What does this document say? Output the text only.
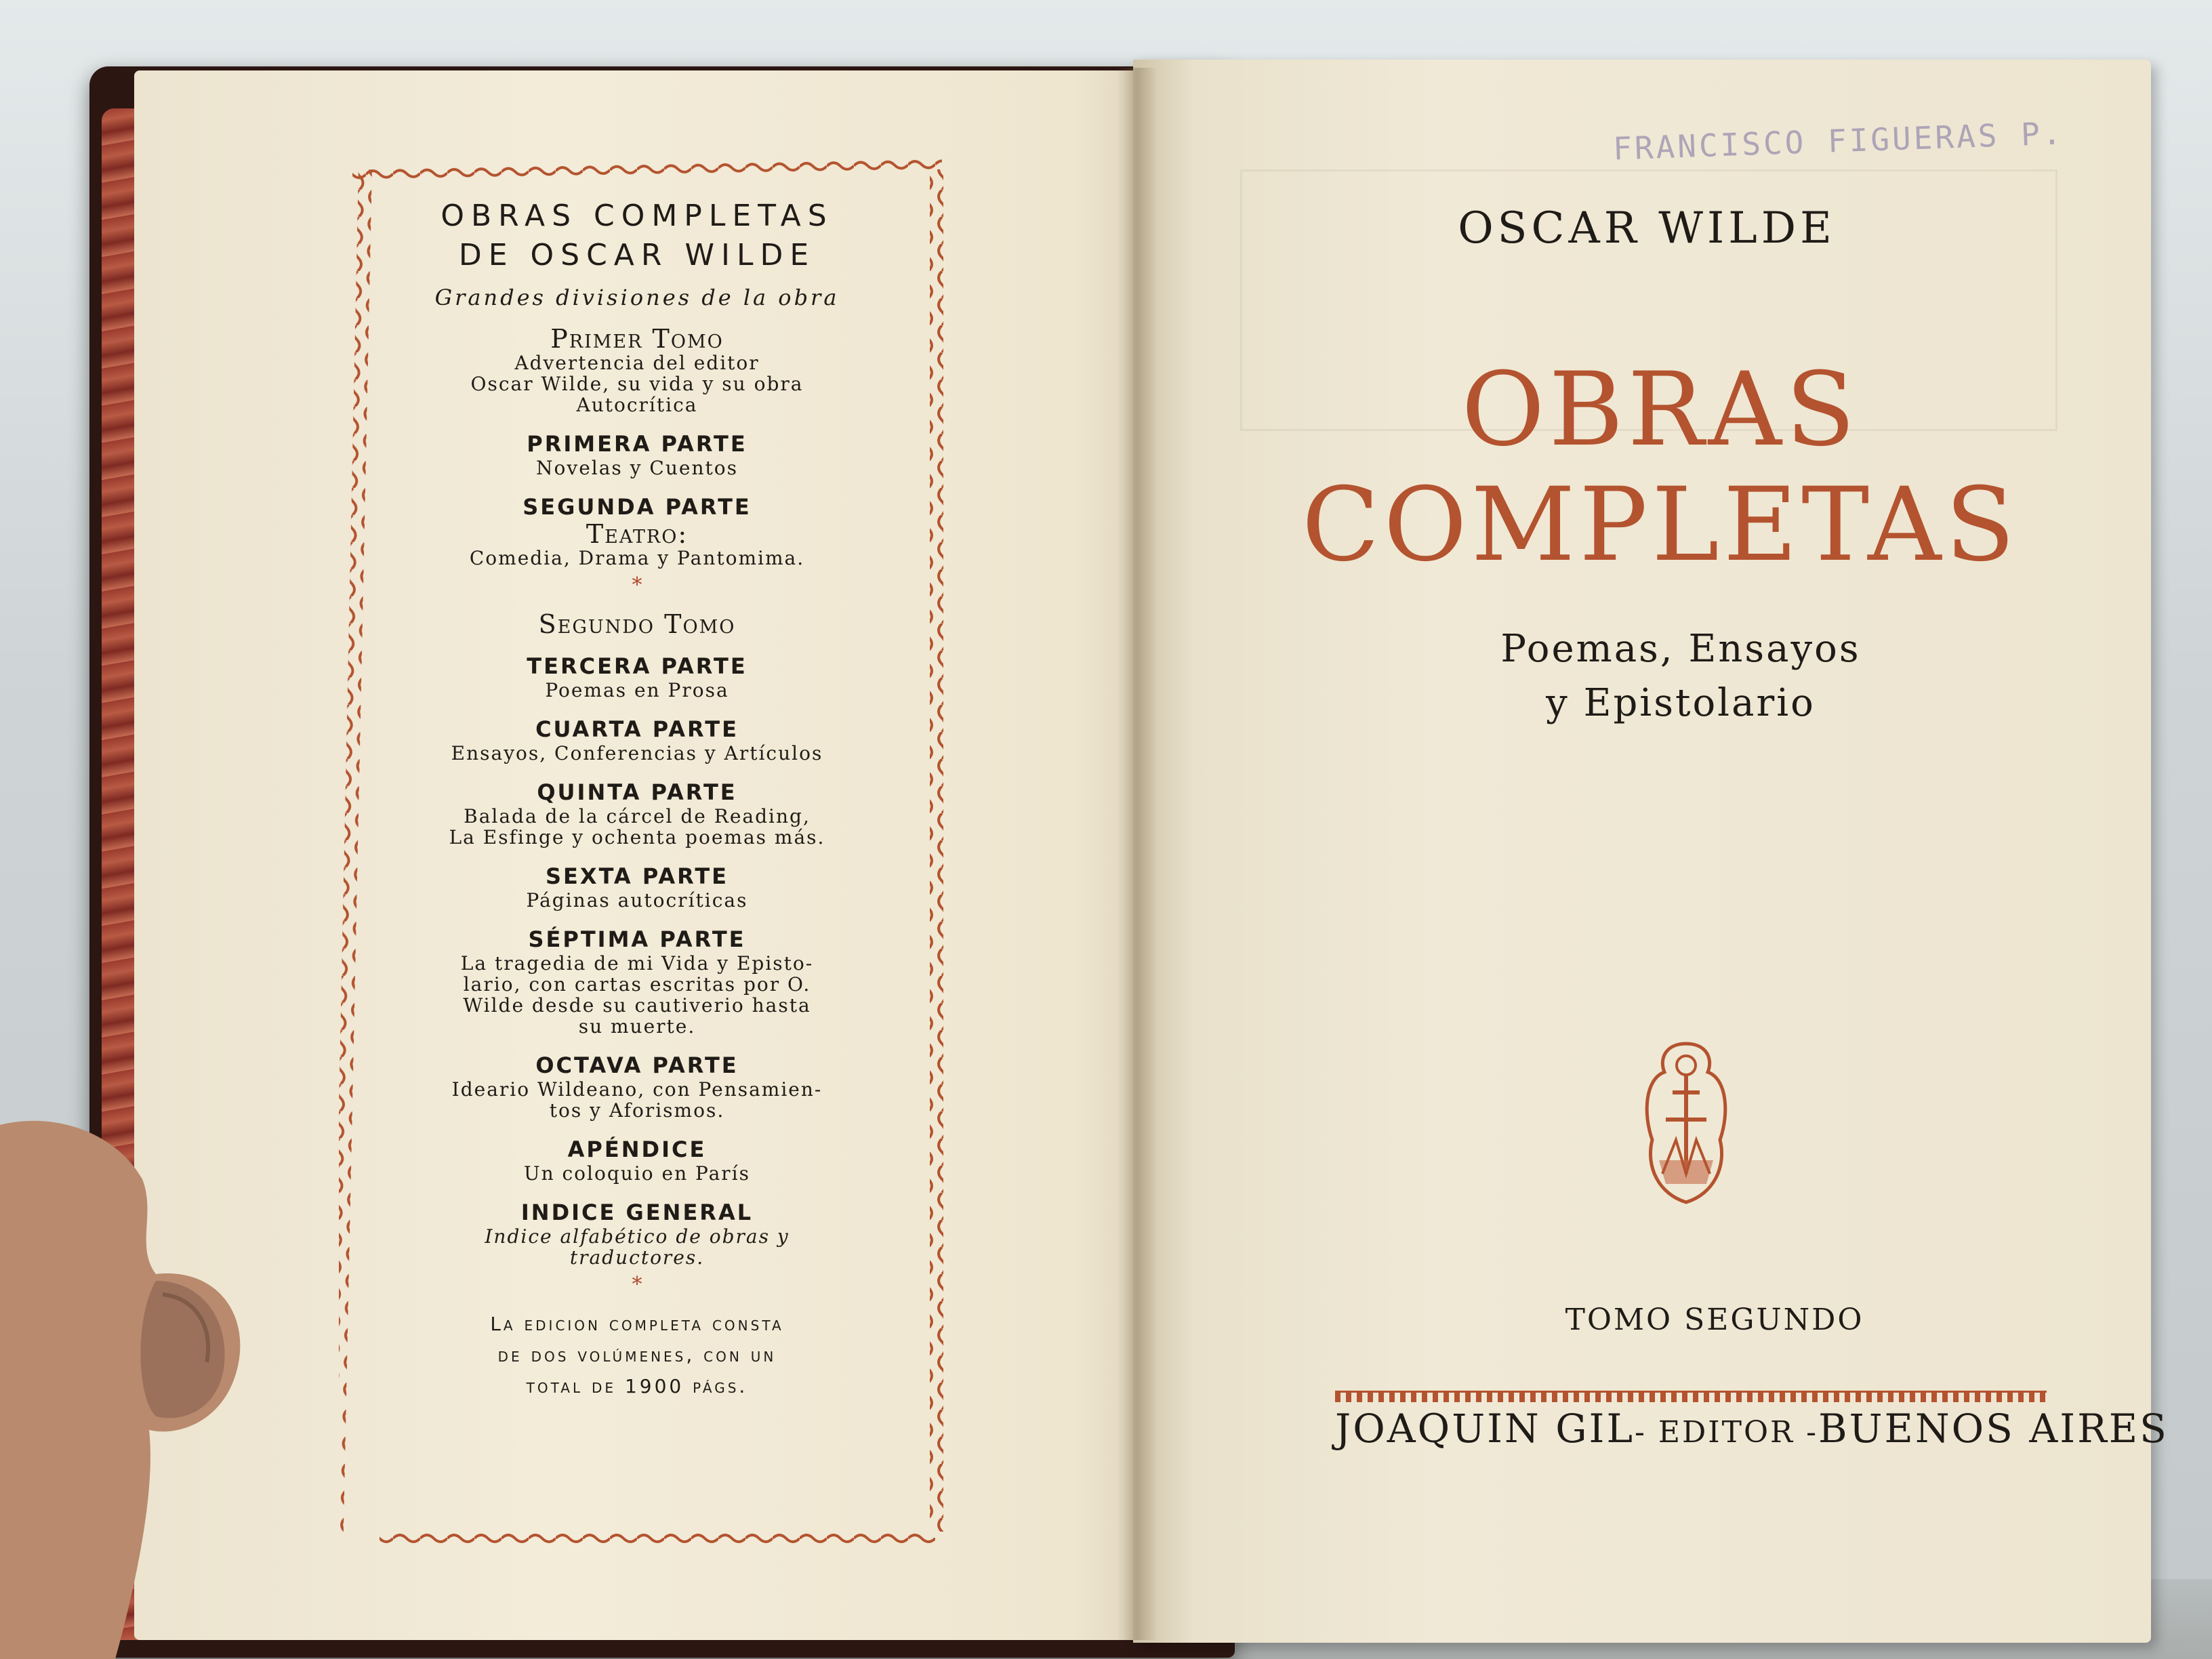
OBRAS COMPLETAS
DE OSCAR WILDE
Grandes divisiones de la obra
Primer Tomo
Advertencia del editor
Oscar Wilde, su vida y su obra
Autocrítica
PRIMERA PARTE
Novelas y Cuentos
SEGUNDA PARTE
Teatro:
Comedia, Drama y Pantomima.
*
Segundo Tomo
TERCERA PARTE
Poemas en Prosa
CUARTA PARTE
Ensayos, Conferencias y Artículos
QUINTA PARTE
Balada de la cárcel de Reading,
La Esfinge y ochenta poemas más.
SEXTA PARTE
Páginas autocríticas
SÉPTIMA PARTE
La tragedia de mi Vida y Episto-
lario, con cartas escritas por O.
Wilde desde su cautiverio hasta
su muerte.
OCTAVA PARTE
Ideario Wildeano, con Pensamien-
tos y Aforismos.
APÉNDICE
Un coloquio en París
INDICE GENERAL
Indice alfabético de obras y
traductores.
*
La edicion completa consta
de dos volúmenes, con un
total de 1900 págs.
FRANCISCO FIGUERAS P.
OSCAR WILDE
OBRAS
COMPLETAS
Poemas, Ensayos
y Epistolario
TOMO SEGUNDO
JOAQUIN GIL- EDITOR -BUENOS AIRES
